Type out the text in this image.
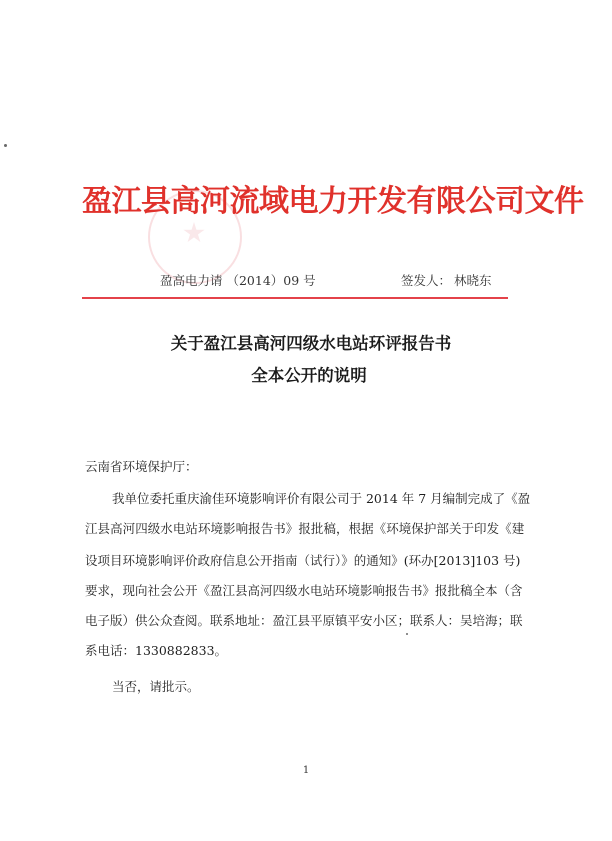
盈江县高河流域电力开发有限公司文件
盈高电力请 （2014）09 号	签发人： 林晓东
关于盈江县高河四级水电站环评报告书
全本公开的说明
云南省环境保护厅：
我单位委托重庆渝佳环境影响评价有限公司于 2014 年 7 月编制完成了《盈
江县高河四级水电站环境影响报告书》报批稿，根据《环境保护部关于印发《建
设项目环境影响评价政府信息公开指南（试行）》的通知》(环办[2013]103 号)
要求，现向社会公开《盈江县高河四级水电站环境影响报告书》报批稿全本（含
电子版）供公众查阅。联系地址：盈江县平原镇平安小区；联系人：吴培海；联
系电话：1330882833。
当否，请批示。
1
